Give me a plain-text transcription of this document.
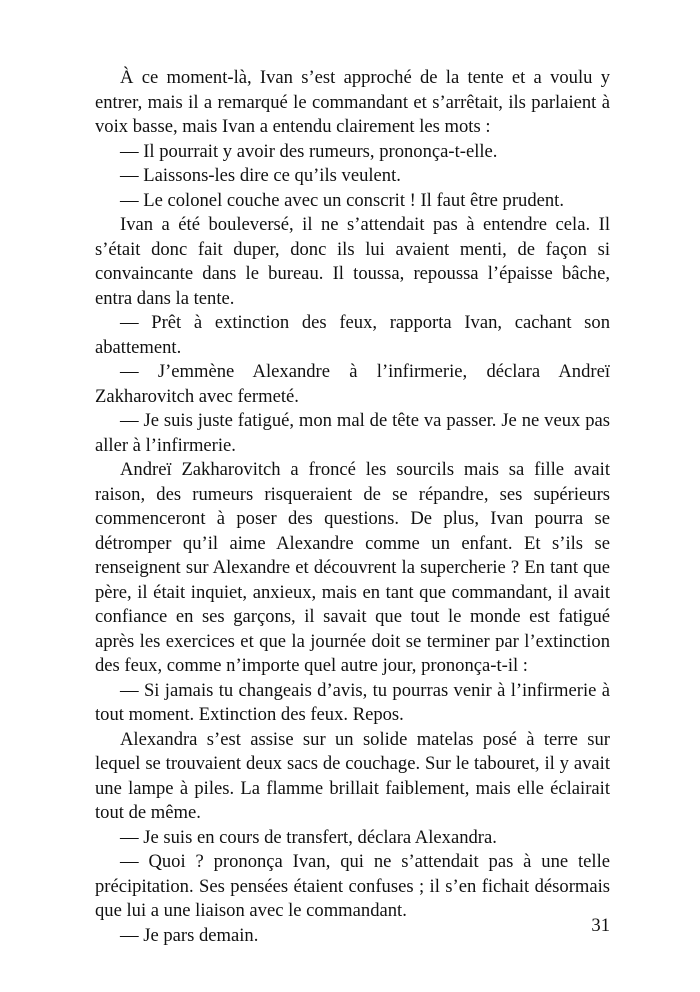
À ce moment-là, Ivan s’est approché de la tente et a voulu y entrer, mais il a remarqué le commandant et s’arrêtait, ils parlaient à voix basse, mais Ivan a entendu clairement les mots :

— Il pourrait y avoir des rumeurs, prononça-t-elle.

— Laissons-les dire ce qu’ils veulent.

— Le colonel couche avec un conscrit ! Il faut être prudent.

Ivan a été bouleversé, il ne s’attendait pas à entendre cela. Il s’était donc fait duper, donc ils lui avaient menti, de façon si convaincante dans le bureau. Il toussa, repoussa l’épaisse bâche, entra dans la tente.

— Prêt à extinction des feux, rapporta Ivan, cachant son abattement.

— J’emmène Alexandre à l’infirmerie, déclara Andreï Zakharovitch avec fermeté.

— Je suis juste fatigué, mon mal de tête va passer. Je ne veux pas aller à l’infirmerie.

Andreï Zakharovitch a froncé les sourcils mais sa fille avait raison, des rumeurs risqueraient de se répandre, ses supérieurs commenceront à poser des questions. De plus, Ivan pourra se détromper qu’il aime Alexandre comme un enfant. Et s’ils se renseignent sur Alexandre et découvrent la supercherie ? En tant que père, il était inquiet, anxieux, mais en tant que commandant, il avait confiance en ses garçons, il savait que tout le monde est fatigué après les exercices et que la journée doit se terminer par l’extinction des feux, comme n’importe quel autre jour, prononça-t-il :

— Si jamais tu changeais d’avis, tu pourras venir à l’infirmerie à tout moment. Extinction des feux. Repos.

Alexandra s’est assise sur un solide matelas posé à terre sur lequel se trouvaient deux sacs de couchage. Sur le tabouret, il y avait une lampe à piles. La flamme brillait faiblement, mais elle éclairait tout de même.

— Je suis en cours de transfert, déclara Alexandra.

— Quoi ? prononça Ivan, qui ne s’attendait pas à une telle précipitation. Ses pensées étaient confuses ; il s’en fichait désormais que lui a une liaison avec le commandant.

— Je pars demain.	31
